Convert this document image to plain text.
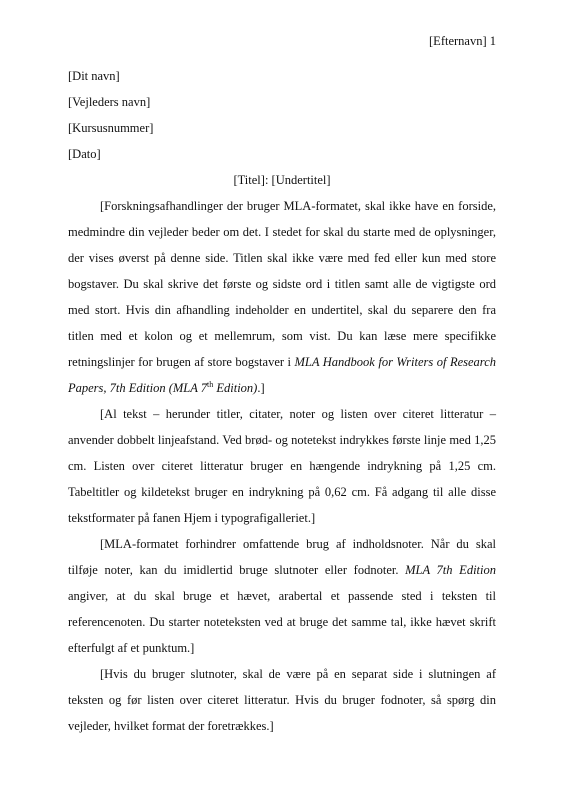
[Efternavn] 1
[Dit navn]
[Vejleders navn]
[Kursusnummer]
[Dato]
[Titel]: [Undertitel]

[Forskningsafhandlinger der bruger MLA-formatet, skal ikke have en forside, medmindre din vejleder beder om det. I stedet for skal du starte med de oplysninger, der vises øverst på denne side. Titlen skal ikke være med fed eller kun med store bogstaver. Du skal skrive det første og sidste ord i titlen samt alle de vigtigste ord med stort. Hvis din afhandling indeholder en undertitel, skal du separere den fra titlen med et kolon og et mellemrum, som vist. Du kan læse mere specifikke retningslinjer for brugen af store bogstaver i MLA Handbook for Writers of Research Papers, 7th Edition (MLA 7th Edition).]

[Al tekst – herunder titler, citater, noter og listen over citeret litteratur – anvender dobbelt linjeafstand. Ved brød- og notetekst indrykkes første linje med 1,25 cm. Listen over citeret litteratur bruger en hængende indrykning på 1,25 cm. Tabeltitler og kildetekst bruger en indrykning på 0,62 cm. Få adgang til alle disse tekstformater på fanen Hjem i typografigalleriet.]

[MLA-formatet forhindrer omfattende brug af indholdsnoter. Når du skal tilføje noter, kan du imidlertid bruge slutnoter eller fodnoter. MLA 7th Edition angiver, at du skal bruge et hævet, arabertal et passende sted i teksten til referencenoten. Du starter noteteksten ved at bruge det samme tal, ikke hævet skrift efterfulgt af et punktum.]

[Hvis du bruger slutnoter, skal de være på en separat side i slutningen af teksten og før listen over citeret litteratur. Hvis du bruger fodnoter, så spørg din vejleder, hvilket format der foretrækkes.]
